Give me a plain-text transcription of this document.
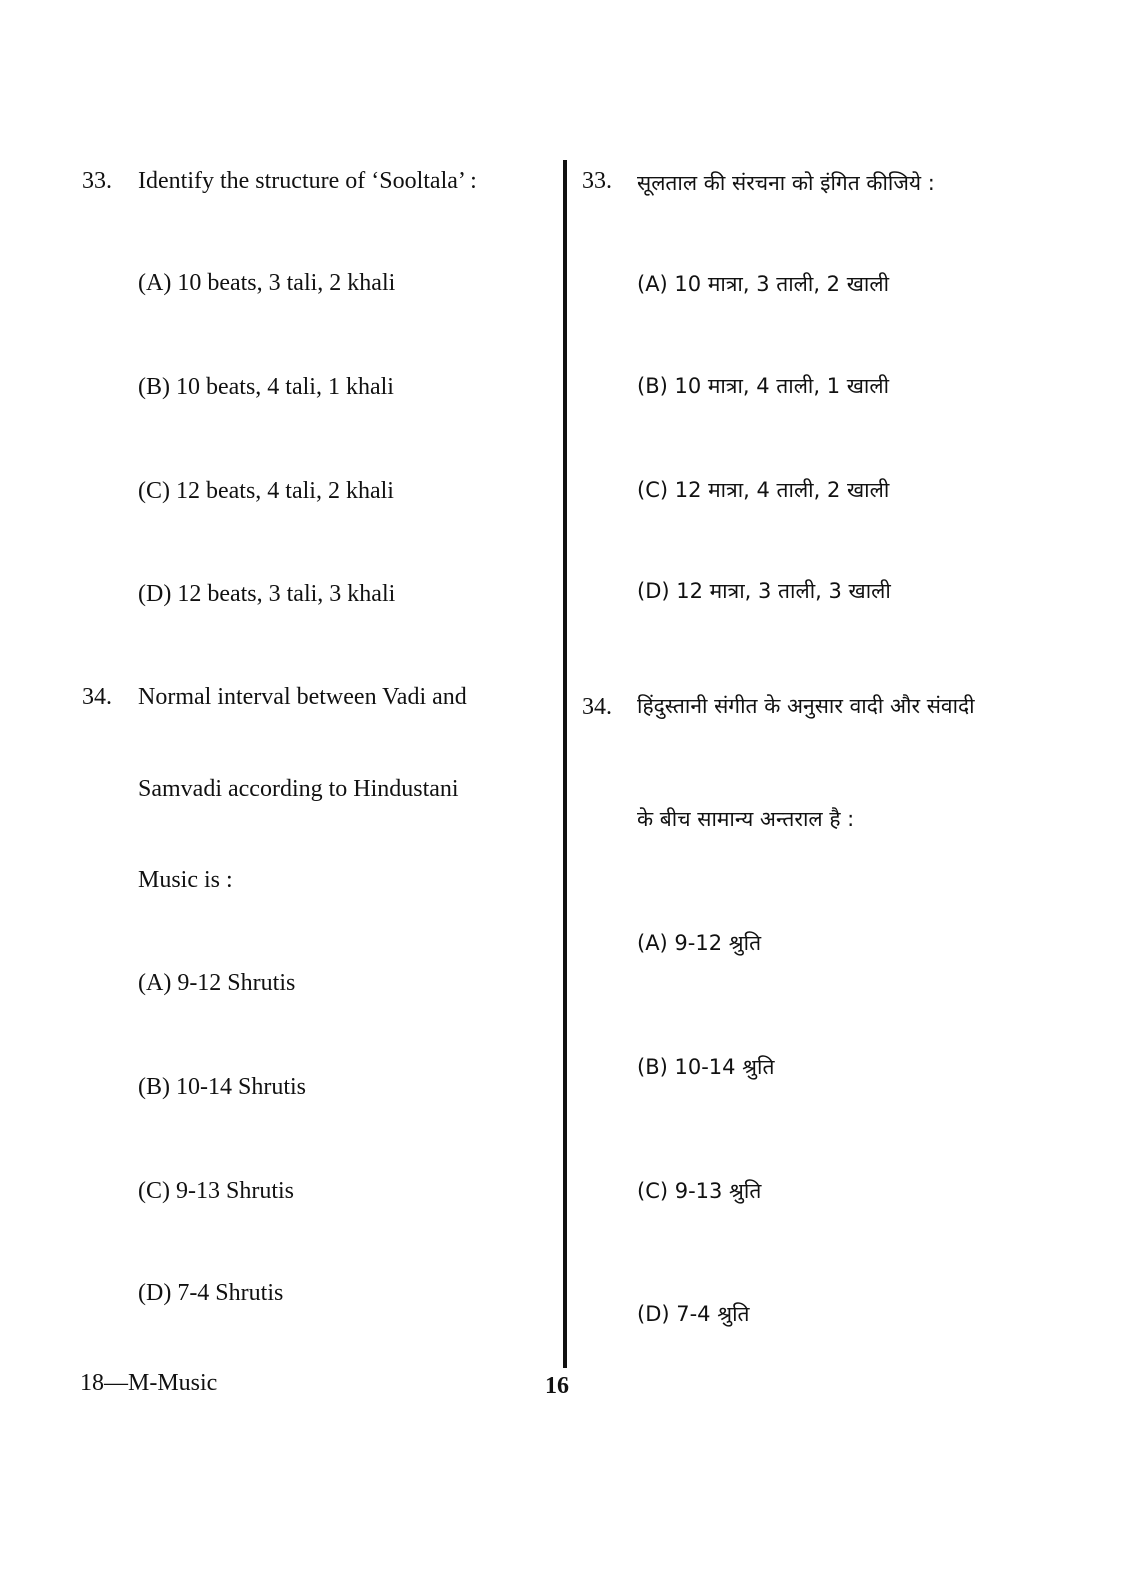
33. Identify the structure of ‘Sooltala’ :
(A) 10 beats, 3 tali, 2 khali
(B) 10 beats, 4 tali, 1 khali
(C) 12 beats, 4 tali, 2 khali
(D) 12 beats, 3 tali, 3 khali
34. Normal interval between Vadi and
Samvadi according to Hindustani
Music is :
(A) 9-12 Shrutis
(B) 10-14 Shrutis
(C) 9-13 Shrutis
(D) 7-4 Shrutis
33. सूलताल की संरचना को इंगित कीजिये :
(A) 10 मात्रा, 3 ताली, 2 खाली
(B) 10 मात्रा, 4 ताली, 1 खाली
(C) 12 मात्रा, 4 ताली, 2 खाली
(D) 12 मात्रा, 3 ताली, 3 खाली
34. हिंदुस्तानी संगीत के अनुसार वादी और संवादी
के बीच सामान्य अन्तराल है :
(A) 9-12 श्रुति
(B) 10-14 श्रुति
(C) 9-13 श्रुति
(D) 7-4 श्रुति
18—M-Music	16
